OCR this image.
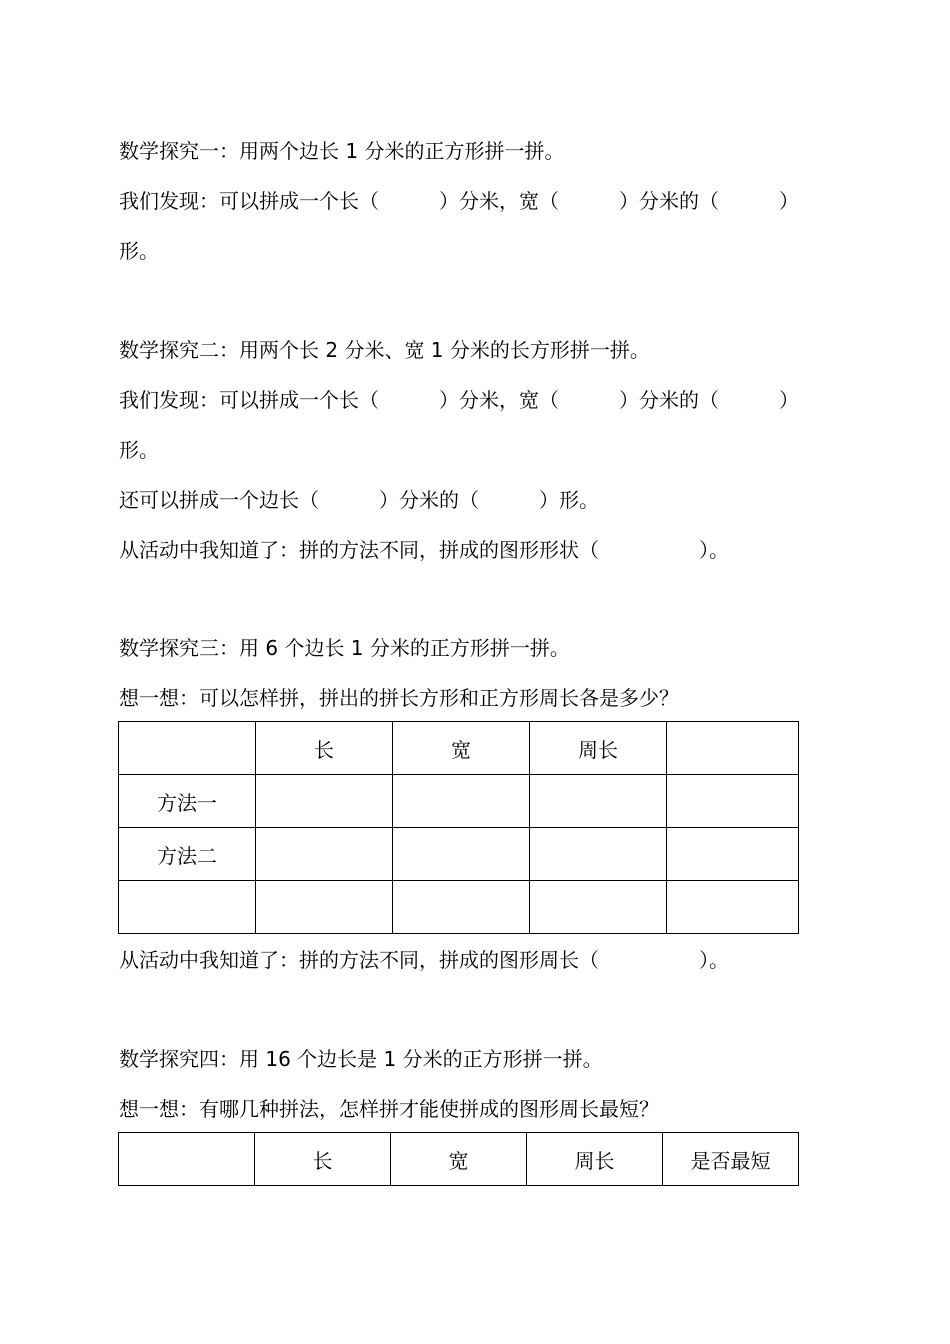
数学探究一：用两个边长 1 分米的正方形拼一拼。
我们发现：可以拼成一个长（　　　）分米，宽（　　　）分米的（　　　）
形。
数学探究二：用两个长 2 分米、宽 1 分米的长方形拼一拼。
我们发现：可以拼成一个长（　　　）分米，宽（　　　）分米的（　　　）
形。
还可以拼成一个边长（　　　）分米的（　　　）形。
从活动中我知道了：拼的方法不同，拼成的图形形状（　　　　　）。
数学探究三：用 6 个边长 1 分米的正方形拼一拼。
想一想：可以怎样拼，拼出的拼长方形和正方形周长各是多少？
	长	宽	周长	
方法一				
方法二				

从活动中我知道了：拼的方法不同，拼成的图形周长（　　　　　）。
数学探究四：用 16 个边长是 1 分米的正方形拼一拼。
想一想：有哪几种拼法，怎样拼才能使拼成的图形周长最短？
	长	宽	周长	是否最短
